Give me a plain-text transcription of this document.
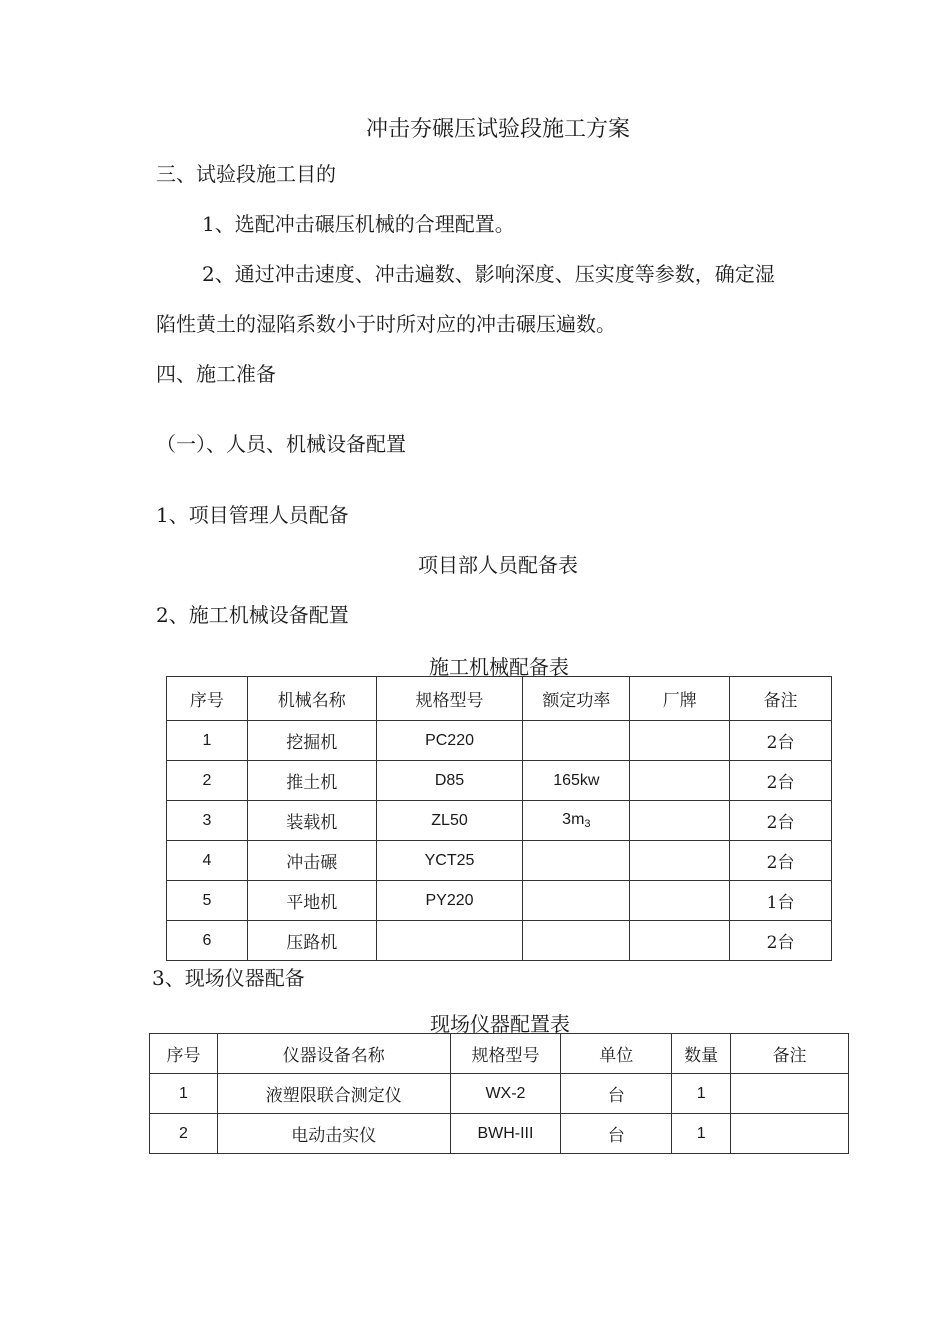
冲击夯碾压试验段施工方案
三、试验段施工目的
1、选配冲击碾压机械的合理配置。
2、通过冲击速度、冲击遍数、影响深度、压实度等参数，确定湿
陷性黄土的湿陷系数小于时所对应的冲击碾压遍数。
四、施工准备
（一）、人员、机械设备配置
1、项目管理人员配备
项目部人员配备表
2、施工机械设备配置
施工机械配备表
序号	机械名称	规格型号	额定功率	厂牌	备注
1	挖掘机	PC220			2台
2	推土机	D85	165kw		2台
3	装载机	ZL50	$3m_3$		2台
4	冲击碾	YCT25			2台
5	平地机	PY220			1台
6	压路机				2台
3、现场仪器配备
现场仪器配置表
序号	仪器设备名称	规格型号	单位	数量	备注
1	液塑限联合测定仪	WX-2	台	1	
2	电动击实仪	BWH-III	台	1	
